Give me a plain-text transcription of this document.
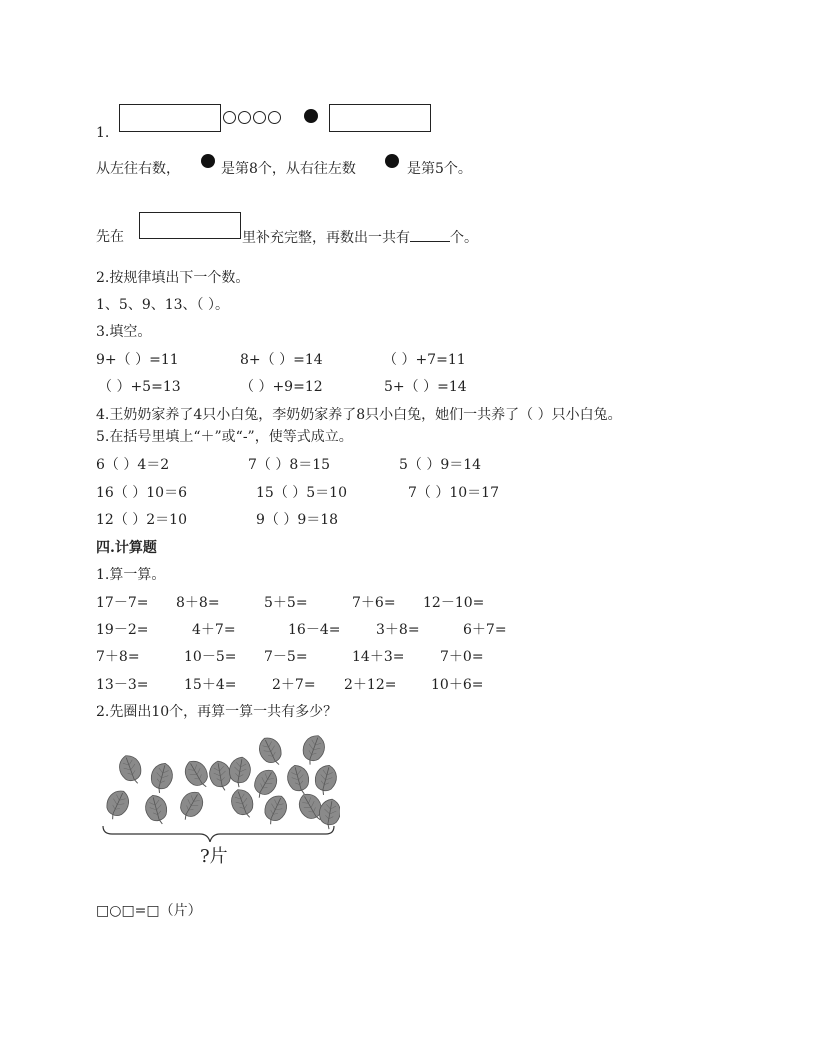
1.
从左往右数，	是第8个，从右往左数	是第5个。
先在	里补充完整，再数出一共有	个。
2.按规律填出下一个数。
1、5、9、13、（ ）。
3.填空。
9+（ ）=11	8+（ ）=14	（ ）+7=11
（ ）+5=13	（ ）+9=12	5+（ ）=14
4.王奶奶家养了4只小白兔，李奶奶家养了8只小白兔，她们一共养了（ ）只小白兔。
5.在括号里填上“＋”或“-”，使等式成立。
6（ ）4＝2	7（ ）8＝15	5（ ）9＝14
16（ ）10＝6	15（ ）5＝10	7（ ）10＝17
12（ ）2＝10	9（ ）9＝18
四.计算题
1.算一算。
17－7= 8＋8=	5＋5=	7＋6= 12－10=
19－2=	4＋7=	16－4=	3＋8=	6＋7=
7＋8=	10－5= 7－5=	14＋3=	7＋0=
13－3=	15＋4=	2＋7= 2＋12= 10＋6=
2.先圈出10个，再算一算一共有多少？
?片
□○□=□（片）
